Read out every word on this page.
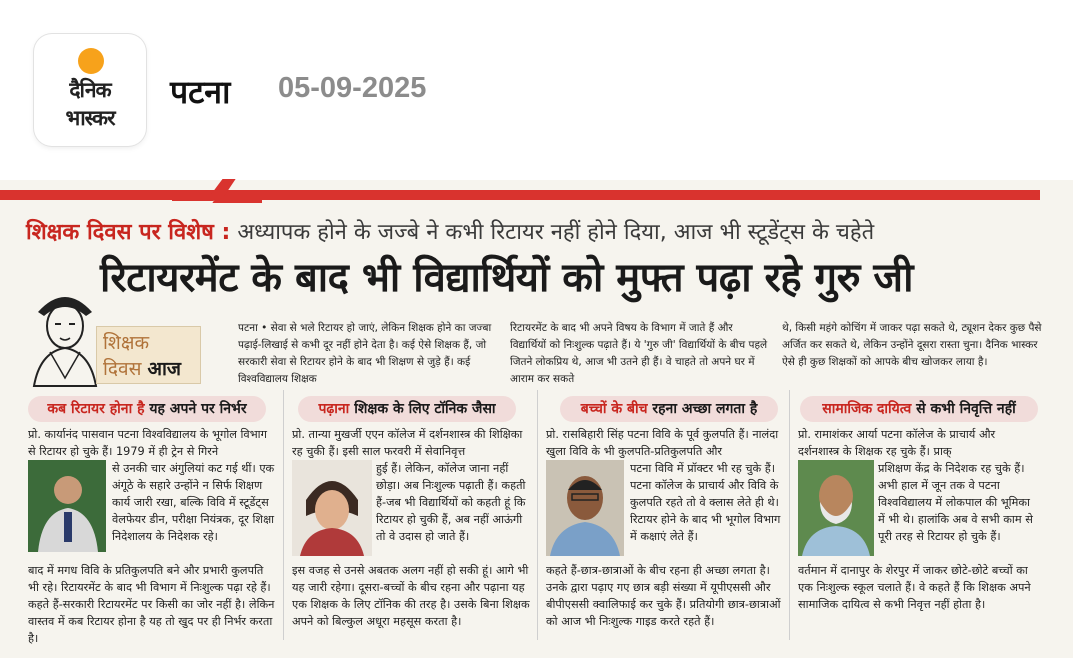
दैनिक
भास्कर
पटना 05-09-2025
शिक्षक दिवस पर विशेष : अध्यापक होने के जज्बे ने कभी रिटायर नहीं होने दिया, आज भी स्टूडेंट्स के चहेते
रिटायरमेंट के बाद भी विद्यार्थियों को मुफ्त पढ़ा रहे गुरु जी
शिक्षक
दिवस आज
पटना • सेवा से भले रिटायर हो जाएं, लेकिन शिक्षक होने का जज्बा पढ़ाई-लिखाई से कभी दूर नहीं होने देता है। कई ऐसे शिक्षक हैं, जो सरकारी सेवा से रिटायर होने के बाद भी शिक्षण से जुड़े हैं। कई विश्वविद्यालय शिक्षक
रिटायरमेंट के बाद भी अपने विषय के विभाग में जाते हैं और विद्यार्थियों को निःशुल्क पढ़ाते हैं। ये 'गुरु जी' विद्यार्थियों के बीच पहले जितने लोकप्रिय थे, आज भी उतने ही हैं। वे चाहते तो अपने घर में आराम कर सकते
थे, किसी महंगे कोचिंग में जाकर पढ़ा सकते थे, ट्यूशन देकर कुछ पैसे अर्जित कर सकते थे, लेकिन उन्होंने दूसरा रास्ता चुना। दैनिक भास्कर ऐसे ही कुछ शिक्षकों को आपके बीच खोजकर लाया है।
कब रिटायर होना है यह अपने पर निर्भर	पढ़ाना शिक्षक के लिए टॉनिक जैसा	बच्चों के बीच रहना अच्छा लगता है	सामाजिक दायित्व से कभी निवृत्ति नहीं
प्रो. कार्यानंद पासवान पटना विश्वविद्यालय के भूगोल विभाग से रिटायर हो चुके हैं। 1979 में ही ट्रेन से गिरने
से उनकी चार अंगुलियां कट गई थीं। एक अंगूठे के सहारे उन्होंने न सिर्फ शिक्षण कार्य जारी रखा, बल्कि विवि में स्टूडेंट्स वेलफेयर डीन, परीक्षा नियंत्रक, दूर शिक्षा निदेशालय के निदेशक रहे।
बाद में मगध विवि के प्रतिकुलपति बने और प्रभारी कुलपति भी रहे। रिटायरमेंट के बाद भी विभाग में निःशुल्क पढ़ा रहे हैं। कहते हैं-सरकारी रिटायरमेंट पर किसी का जोर नहीं है। लेकिन वास्तव में कब रिटायर होना है यह तो खुद पर ही निर्भर करता है।
प्रो. तान्या मुखर्जी एएन कॉलेज में दर्शनशास्त्र की शिक्षिका रह चुकी हैं। इसी साल फरवरी में सेवानिवृत्त
हुई हैं। लेकिन, कॉलेज जाना नहीं छोड़ा। अब निःशुल्क पढ़ाती हैं। कहती हैं-जब भी विद्यार्थियों को कहती हूं कि रिटायर हो चुकी हैं, अब नहीं आऊंगी तो वे उदास हो जाते हैं।
इस वजह से उनसे अबतक अलग नहीं हो सकी हूं। आगे भी यह जारी रहेगा। दूसरा-बच्चों के बीच रहना और पढ़ाना यह एक शिक्षक के लिए टॉनिक की तरह है। उसके बिना शिक्षक अपने को बिल्कुल अधूरा महसूस करता है।
प्रो. रासबिहारी सिंह पटना विवि के पूर्व कुलपति हैं। नालंदा खुला विवि के भी कुलपति-प्रतिकुलपति और
पटना विवि में प्रॉक्टर भी रह चुके हैं। पटना कॉलेज के प्राचार्य और विवि के कुलपति रहते तो वे क्लास लेते ही थे। रिटायर होने के बाद भी भूगोल विभाग में कक्षाएं लेते हैं।
कहते हैं-छात्र-छात्राओं के बीच रहना ही अच्छा लगता है। उनके द्वारा पढ़ाए गए छात्र बड़ी संख्या में यूपीएससी और बीपीएससी क्वालिफाई कर चुके हैं। प्रतियोगी छात्र-छात्राओं को आज भी निःशुल्क गाइड करते रहते हैं।
प्रो. रामाशंकर आर्या पटना कॉलेज के प्राचार्य और दर्शनशास्त्र के शिक्षक रह चुके हैं। प्राक्
प्रशिक्षण केंद्र के निदेशक रह चुके हैं। अभी हाल में जून तक वे पटना विश्वविद्यालय में लोकपाल की भूमिका में भी थे। हालांकि अब वे सभी काम से पूरी तरह से रिटायर हो चुके हैं।
वर्तमान में दानापुर के शेरपुर में जाकर छोटे-छोटे बच्चों का एक निःशुल्क स्कूल चलाते हैं। वे कहते हैं कि शिक्षक अपने सामाजिक दायित्व से कभी निवृत्त नहीं होता है।
